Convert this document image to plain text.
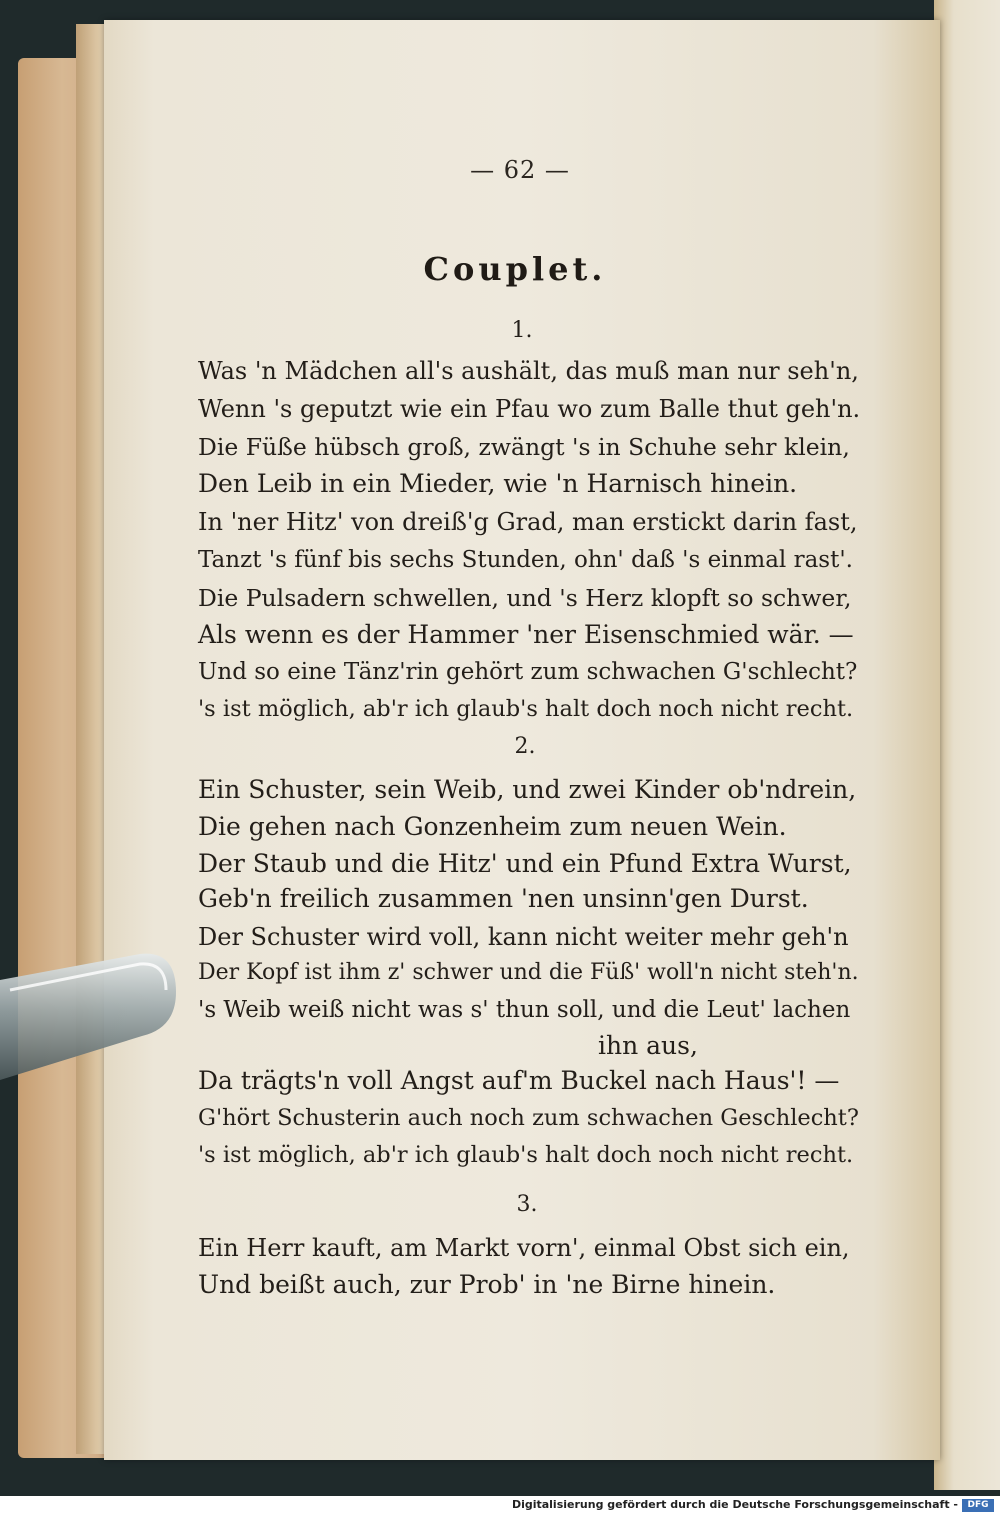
— 62 —
Couplet.
1.
Was 'n Mädchen all's aushält, das muß man nur seh'n,
Wenn 's geputzt wie ein Pfau wo zum Balle thut geh'n.
Die Füße hübsch groß, zwängt 's in Schuhe sehr klein,
Den Leib in ein Mieder, wie 'n Harnisch hinein.
In 'ner Hitz' von dreiß'g Grad, man erstickt darin fast,
Tanzt 's fünf bis sechs Stunden, ohn' daß 's einmal rast'.
Die Pulsadern schwellen, und 's Herz klopft so schwer,
Als wenn es der Hammer 'ner Eisenschmied wär. —
Und so eine Tänz'rin gehört zum schwachen G'schlecht?
's ist möglich, ab'r ich glaub's halt doch noch nicht recht.
2.
Ein Schuster, sein Weib, und zwei Kinder ob'ndrein,
Die gehen nach Gonzenheim zum neuen Wein.
Der Staub und die Hitz' und ein Pfund Extra Wurst,
Geb'n freilich zusammen 'nen unsinn'gen Durst.
Der Schuster wird voll, kann nicht weiter mehr geh'n
Der Kopf ist ihm z' schwer und die Füß' woll'n nicht steh'n.
's Weib weiß nicht was s' thun soll, und die Leut' lachen
ihn aus,
Da trägts'n voll Angst auf'm Buckel nach Haus'! —
G'hört Schusterin auch noch zum schwachen Geschlecht?
's ist möglich, ab'r ich glaub's halt doch noch nicht recht.
3.
Ein Herr kauft, am Markt vorn', einmal Obst sich ein,
Und beißt auch, zur Prob' in 'ne Birne hinein.
Digitalisierung gefördert durch die Deutsche Forschungsgemeinschaft -	DFG
